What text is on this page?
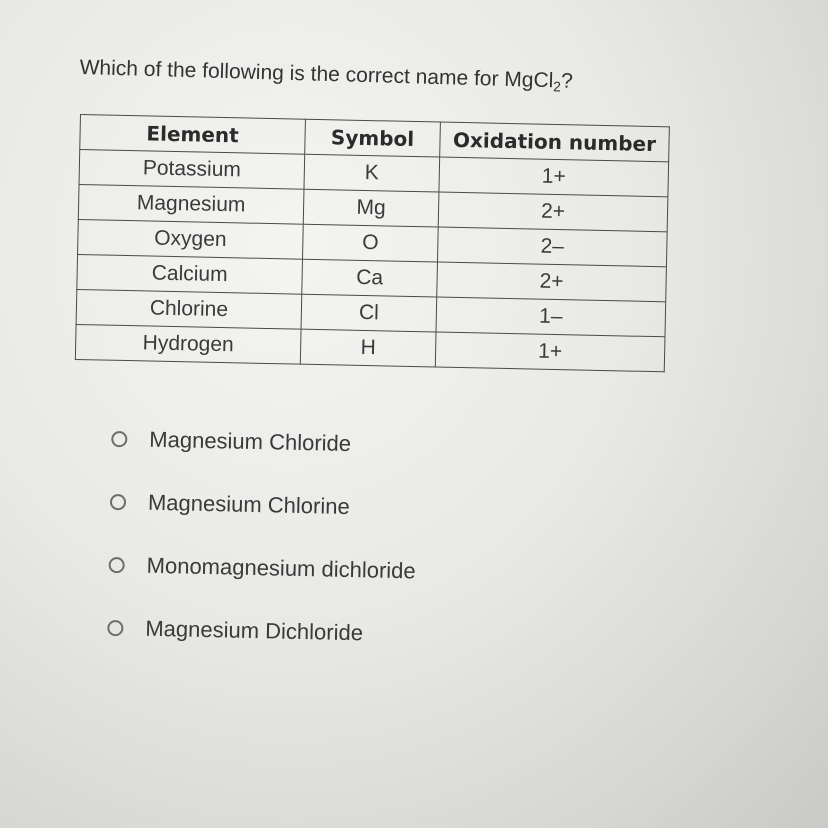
Which of the following is the correct name for MgCl$_2$?
Element	Symbol	Oxidation number
Potassium	K	1+
Magnesium	Mg	2+
Oxygen	O	2–
Calcium	Ca	2+
Chlorine	Cl	1–
Hydrogen	H	1+
Magnesium Chloride
Magnesium Chlorine
Monomagnesium dichloride
Magnesium Dichloride
